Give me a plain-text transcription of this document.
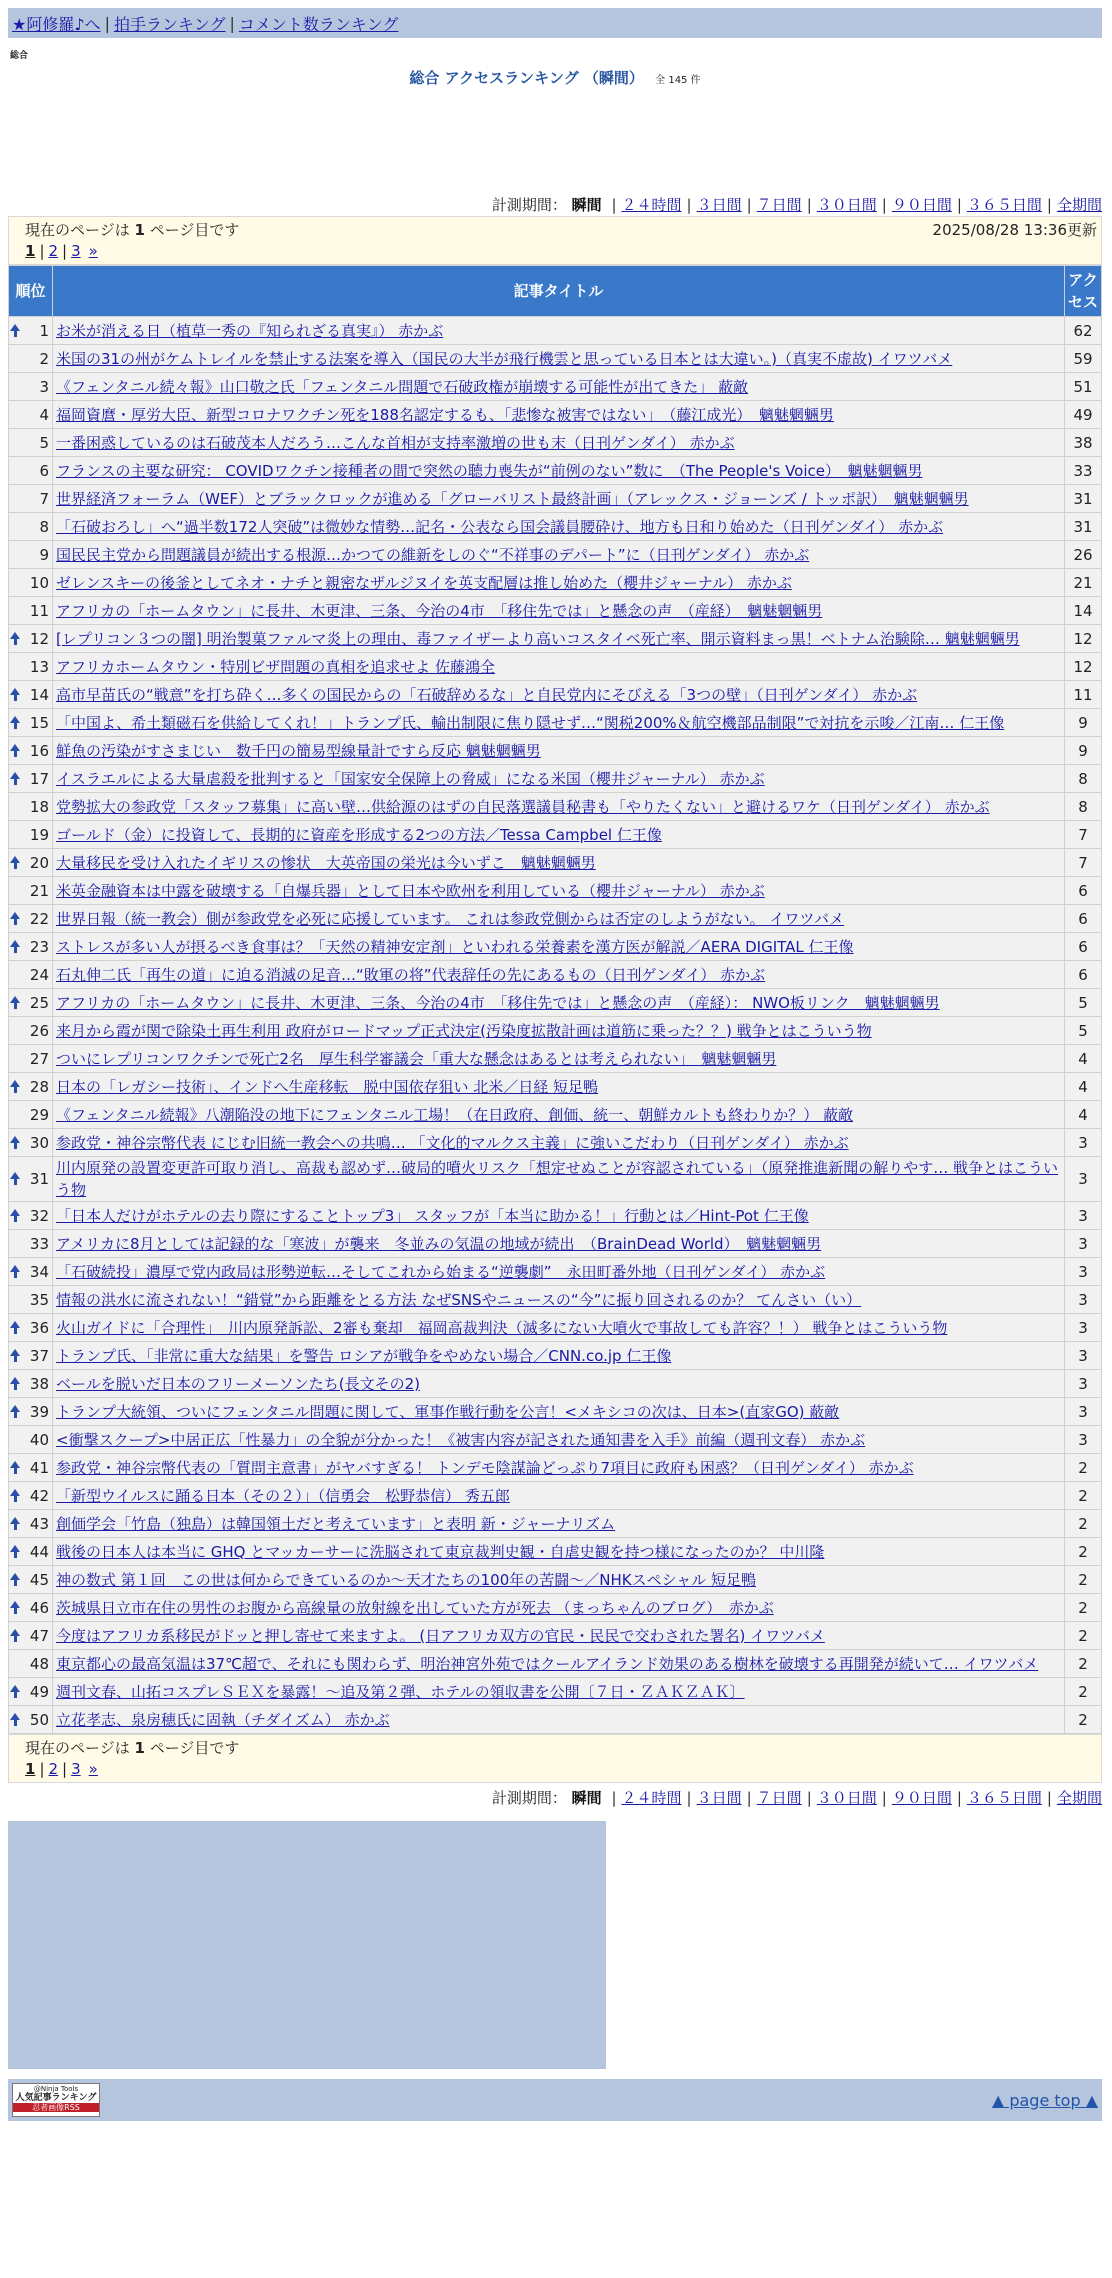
★阿修羅♪へ | 拍手ランキング | コメント数ランキング
総合
総合 アクセスランキング （瞬間） 全 145 件
計測期間： 瞬間 | ２４時間 | ３日間 | ７日間 | ３０日間 | ９０日間 | ３６５日間 | 全期間
現在のページは 1 ページ目です	2025/08/28 13:36更新
1 | 2 | 3 »
順位	記事タイトル	アクセス

1	お米が消える日（植草一秀の『知られざる真実』） 赤かぶ	62
2	米国の31の州がケムトレイルを禁止する法案を導入（国民の大半が飛行機雲と思っている日本とは大違い。)（真実不虚故) イワツバメ	59
3	《フェンタニル続々報》山口敬之氏「フェンタニル問題で石破政権が崩壊する可能性が出てきた」 蔽敵	51
4	福岡資麿・厚労大臣、新型コロナワクチン死を188名認定するも、「悲惨な被害ではない」　（藤江成光）　魑魅魍魎男	49
5	一番困惑しているのは石破茂本人だろう…こんな首相が支持率激増の世も末（日刊ゲンダイ） 赤かぶ	38
6	フランスの主要な研究： COVIDワクチン接種者の間で突然の聴力喪失が“前例のない”数に　（The People's Voice）　魑魅魍魎男	33
7	世界経済フォーラム（WEF）とブラックロックが進める「グローバリスト最終計画」（アレックス・ジョーンズ / トッポ訳）　魑魅魍魎男	31
8	「石破おろし」へ“過半数172人突破”は微妙な情勢…記名・公表なら国会議員腰砕け、地方も日和り始めた（日刊ゲンダイ） 赤かぶ	31
9	国民民主党から問題議員が続出する根源…かつての維新をしのぐ“不祥事のデパート”に（日刊ゲンダイ） 赤かぶ	26
10	ゼレンスキーの後釜としてネオ・ナチと親密なザルジヌイを英支配層は推し始めた（櫻井ジャーナル） 赤かぶ	21
11	アフリカの「ホームタウン」に長井、木更津、三条、今治の4市　「移住先では」と懸念の声　（産経）　魑魅魍魎男	14

12	[レプリコン３つの闇] 明治製菓ファルマ炎上の理由、毒ファイザーより高いコスタイベ死亡率、開示資料まっ黒！ベトナム治験除… 魑魅魍魎男	12
13	アフリカホームタウン・特別ビザ問題の真相を追求せよ 佐藤鴻全	12

14	高市早苗氏の“戦意”を打ち砕く…多くの国民からの「石破辞めるな」と自民党内にそびえる「3つの壁」（日刊ゲンダイ） 赤かぶ	11

15	「中国よ、希土類磁石を供給してくれ！」トランプ氏、輸出制限に焦り隠せず…“関税200%＆航空機部品制限”で対抗を示唆／江南… 仁王像	9

16	鮮魚の汚染がすさまじい　数千円の簡易型線量計ですら反応 魑魅魍魎男	9

17	イスラエルによる大量虐殺を批判すると「国家安全保障上の脅威」になる米国（櫻井ジャーナル） 赤かぶ	8
18	党勢拡大の参政党「スタッフ募集」に高い壁…供給源のはずの自民落選議員秘書も「やりたくない」と避けるワケ（日刊ゲンダイ） 赤かぶ	8
19	ゴールド（金）に投資して、長期的に資産を形成する2つの方法／Tessa Campbel 仁王像	7

20	大量移民を受け入れたイギリスの惨状　大英帝国の栄光は今いずこ　魑魅魍魎男	7
21	米英金融資本は中露を破壊する「自爆兵器」として日本や欧州を利用している（櫻井ジャーナル） 赤かぶ	6

22	世界日報（統一教会）側が参政党を必死に応援しています。 これは参政党側からは否定のしようがない。 イワツバメ	6

23	ストレスが多い人が摂るべき食事は？「天然の精神安定剤」といわれる栄養素を漢方医が解説／AERA DIGITAL 仁王像	6
24	石丸伸二氏「再生の道」に迫る消滅の足音…“敗軍の将”代表辞任の先にあるもの（日刊ゲンダイ） 赤かぶ	6

25	アフリカの「ホームタウン」に長井、木更津、三条、今治の4市　「移住先では」と懸念の声　（産経）： NWO板リンク　魑魅魍魎男	5
26	来月から霞が関で除染土再生利用 政府がロードマップ正式決定(汚染度拡散計画は道筋に乗った？？) 戦争とはこういう物	5
27	ついにレプリコンワクチンで死亡2名　厚生科学審議会「重大な懸念はあるとは考えられない」　魑魅魍魎男	4

28	日本の「レガシー技術」、インドへ生産移転　脱中国依存狙い 北米／日経 短足鴨	4
29	《フェンタニル続報》八潮陥没の地下にフェンタニル工場！（在日政府、創価、統一、朝鮮カルトも終わりか？） 蔽敵	4

30	参政党・神谷宗幣代表 にじむ旧統一教会への共鳴… 「文化的マルクス主義」に強いこだわり（日刊ゲンダイ） 赤かぶ	3

31	川内原発の設置変更許可取り消し、高裁も認めず…破局的噴火リスク「想定せぬことが容認されている」（原発推進新聞の解りやす… 戦争とはこういう物	3

32	「日本人だけがホテルの去り際にすることトップ3」 スタッフが「本当に助かる！」行動とは／Hint-Pot 仁王像	3
33	アメリカに8月としては記録的な「寒波」が襲来　冬並みの気温の地域が続出　（BrainDead World）　魑魅魍魎男	3

34	「石破続投」濃厚で党内政局は形勢逆転…そしてこれから始まる“逆襲劇”　永田町番外地（日刊ゲンダイ） 赤かぶ	3
35	情報の洪水に流されない！“錯覚”から距離をとる方法 なぜSNSやニュースの“今”に振り回されるのか？ てんさい（い）	3

36	火山ガイドに「合理性」　川内原発訴訟、2審も棄却　福岡高裁判決（滅多にない大噴火で事故しても許容？！） 戦争とはこういう物	3

37	トランプ氏、「非常に重大な結果」を警告 ロシアが戦争をやめない場合／CNN.co.jp 仁王像	3

38	ベールを脱いだ日本のフリーメーソンたち(長文その2)	3

39	トランプ大統領、ついにフェンタニル問題に関して、軍事作戦行動を公言！<メキシコの次は、日本>(直家GO) 蔽敵	3
40	<衝撃スクープ>中居正広「性暴力」の全貌が分かった！《被害内容が記された通知書を入手》前編（週刊文春） 赤かぶ	3

41	参政党・神谷宗幣代表の「質問主意書」がヤバすぎる！ トンデモ陰謀論どっぷり7項目に政府も困惑？（日刊ゲンダイ） 赤かぶ	2

42	「新型ウイルスに踊る日本（その２）」（信勇会　松野恭信） 秀五郎	2

43	創価学会「竹島（独島）は韓国領土だと考えています」と表明 新・ジャーナリズム	2

44	戦後の日本人は本当に GHQ とマッカーサーに洗脳されて東京裁判史観・自虐史観を持つ様になったのか？ 中川隆	2

45	神の数式 第１回　この世は何からできているのか〜天才たちの100年の苦闘〜／NHKスペシャル 短足鴨	2

46	茨城県日立市在住の男性のお腹から高線量の放射線を出していた方が死去 （まっちゃんのブログ）　赤かぶ	2

47	今度はアフリカ系移民がドッと押し寄せて来ますよ。 (日アフリカ双方の官民・民民で交わされた署名) イワツバメ	2
48	東京都心の最高気温は37℃超で、それにも関わらず、明治神宮外苑ではクールアイランド効果のある樹林を破壊する再開発が続いて… イワツバメ	2

49	週刊文春、山拓コスプレＳＥＸを暴露！〜追及第２弾、ホテルの領収書を公開〔７日・ＺＡＫＺＡＫ〕	2

50	立花孝志、泉房穂氏に固執（チダイズム） 赤かぶ	2
現在のページは 1 ページ目です
1 | 2 | 3 »
計測期間： 瞬間 | ２４時間 | ３日間 | ７日間 | ３０日間 | ９０日間 | ３６５日間 | 全期間
@Ninja Tools
人気記事ランキング
忍者画像RSS	▲ page top ▲
